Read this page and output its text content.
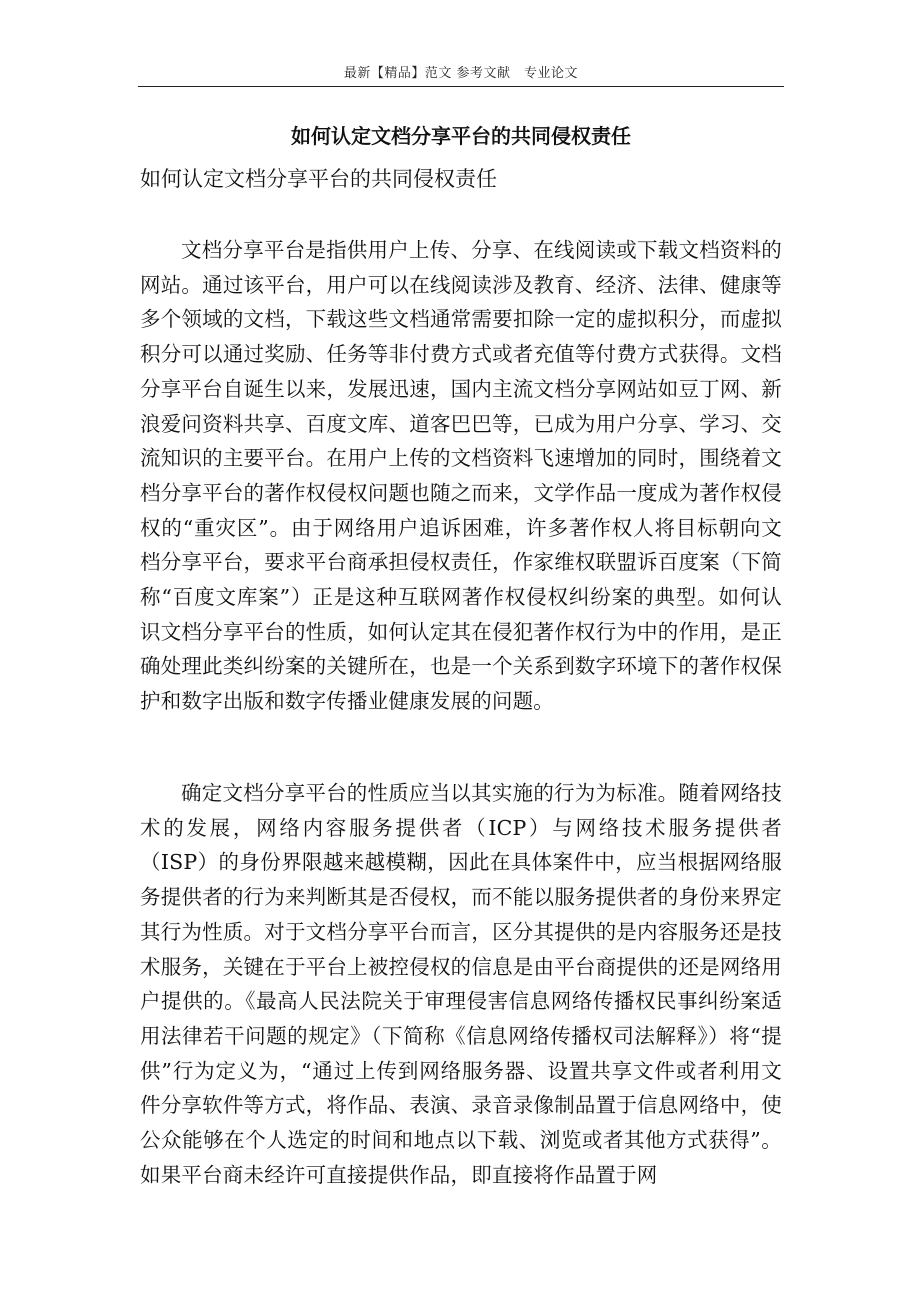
最新【精品】范文 参考文献　专业论文
如何认定文档分享平台的共同侵权责任
如何认定文档分享平台的共同侵权责任

文档分享平台是指供用户上传、分享、在线阅读或下载文档资料的网站。通过该平台，用户可以在线阅读涉及教育、经济、法律、健康等多个领域的文档，下载这些文档通常需要扣除一定的虚拟积分，而虚拟积分可以通过奖励、任务等非付费方式或者充值等付费方式获得。文档分享平台自诞生以来，发展迅速，国内主流文档分享网站如豆丁网、新浪爱问资料共享、百度文库、道客巴巴等，已成为用户分享、学习、交流知识的主要平台。在用户上传的文档资料飞速增加的同时，围绕着文档分享平台的著作权侵权问题也随之而来，文学作品一度成为著作权侵权的“重灾区”。由于网络用户追诉困难，许多著作权人将目标朝向文档分享平台，要求平台商承担侵权责任，作家维权联盟诉百度案（下简称“百度文库案”）正是这种互联网著作权侵权纠纷案的典型。如何认识文档分享平台的性质，如何认定其在侵犯著作权行为中的作用，是正确处理此类纠纷案的关键所在，也是一个关系到数字环境下的著作权保护和数字出版和数字传播业健康发展的问题。

确定文档分享平台的性质应当以其实施的行为为标准。随着网络技术的发展，网络内容服务提供者（ICP）与网络技术服务提供者（ISP）的身份界限越来越模糊，因此在具体案件中，应当根据网络服务提供者的行为来判断其是否侵权，而不能以服务提供者的身份来界定其行为性质。对于文档分享平台而言，区分其提供的是内容服务还是技术服务，关键在于平台上被控侵权的信息是由平台商提供的还是网络用户提供的。《最高人民法院关于审理侵害信息网络传播权民事纠纷案适用法律若干问题的规定》（下简称《信息网络传播权司法解释》）将“提供”行为定义为，“通过上传到网络服务器、设置共享文件或者利用文件分享软件等方式，将作品、表演、录音录像制品置于信息网络中，使公众能够在个人选定的时间和地点以下载、浏览或者其他方式获得”。如果平台商未经许可直接提供作品，即直接将作品置于网
